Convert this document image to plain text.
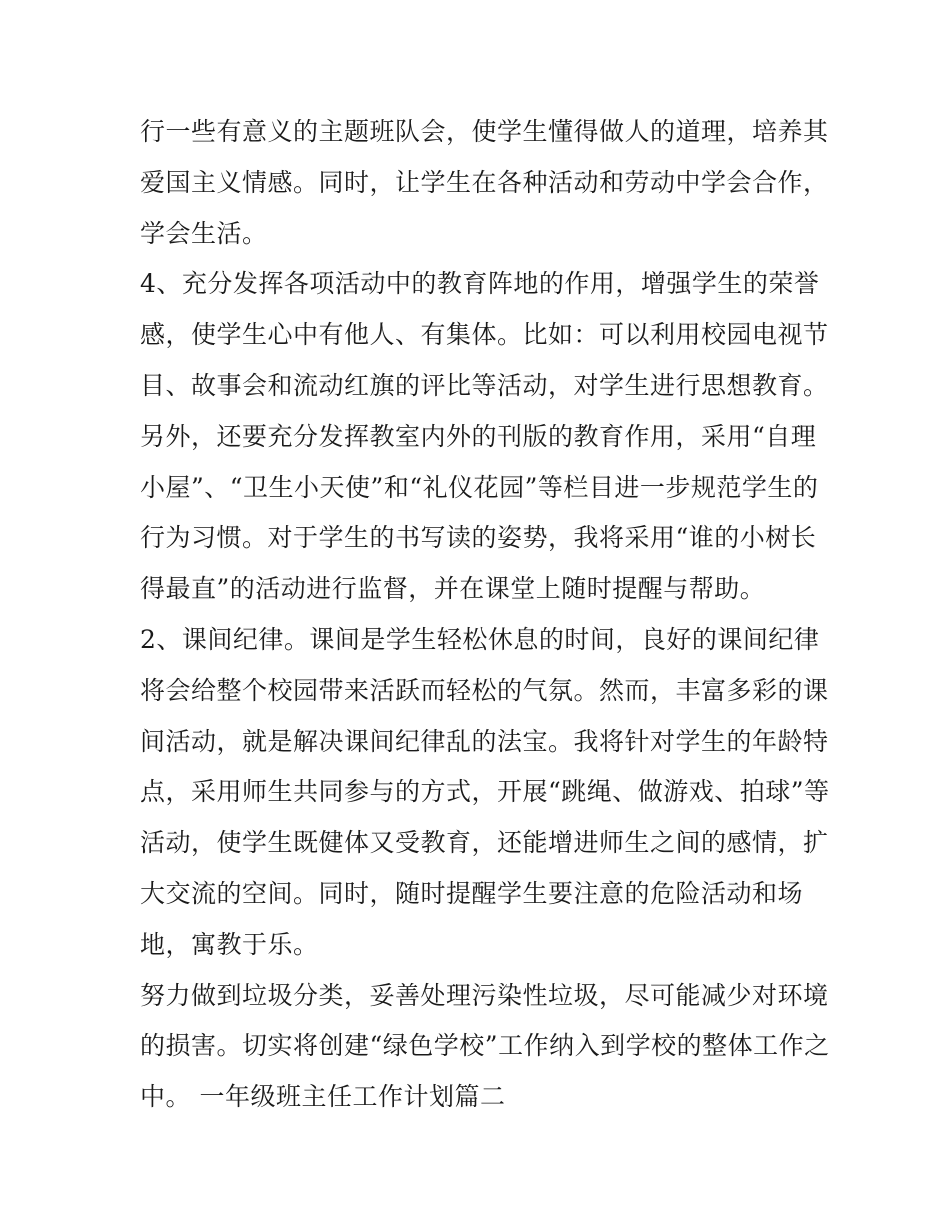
行一些有意义的主题班队会，使学生懂得做人的道理，培养其
爱国主义情感。同时，让学生在各种活动和劳动中学会合作，
学会生活。
4、充分发挥各项活动中的教育阵地的作用，增强学生的荣誉
感，使学生心中有他人、有集体。比如：可以利用校园电视节
目、故事会和流动红旗的评比等活动，对学生进行思想教育。
另外，还要充分发挥教室内外的刊版的教育作用，采用“自理
小屋”、“卫生小天使”和“礼仪花园”等栏目进一步规范学生的
行为习惯。对于学生的书写读的姿势，我将采用“谁的小树长
得最直”的活动进行监督，并在课堂上随时提醒与帮助。
2、课间纪律。课间是学生轻松休息的时间，良好的课间纪律
将会给整个校园带来活跃而轻松的气氛。然而，丰富多彩的课
间活动，就是解决课间纪律乱的法宝。我将针对学生的年龄特
点，采用师生共同参与的方式，开展“跳绳、做游戏、拍球”等
活动，使学生既健体又受教育，还能增进师生之间的感情，扩
大交流的空间。同时，随时提醒学生要注意的危险活动和场
地，寓教于乐。
努力做到垃圾分类，妥善处理污染性垃圾，尽可能减少对环境
的损害。切实将创建“绿色学校”工作纳入到学校的整体工作之
中。 一年级班主任工作计划篇二
